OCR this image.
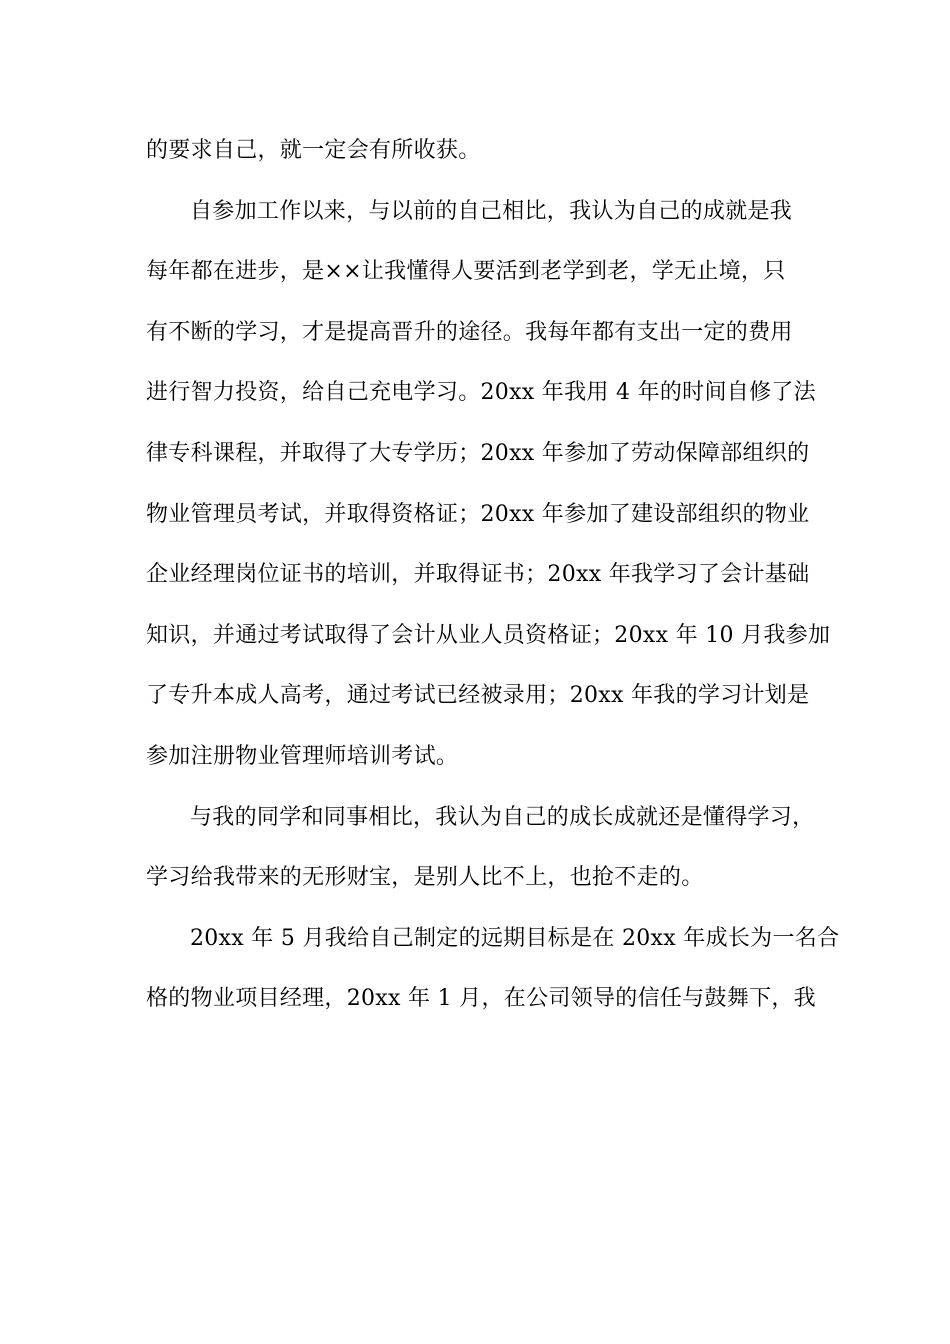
的要求自己，就一定会有所收获。
自参加工作以来，与以前的自己相比，我认为自己的成就是我
每年都在进步，是××让我懂得人要活到老学到老，学无止境，只
有不断的学习，才是提高晋升的途径。我每年都有支出一定的费用
进行智力投资，给自己充电学习。20xx 年我用 4 年的时间自修了法
律专科课程，并取得了大专学历；20xx 年参加了劳动保障部组织的
物业管理员考试，并取得资格证；20xx 年参加了建设部组织的物业
企业经理岗位证书的培训，并取得证书；20xx 年我学习了会计基础
知识，并通过考试取得了会计从业人员资格证；20xx 年 10 月我参加
了专升本成人高考，通过考试已经被录用；20xx 年我的学习计划是
参加注册物业管理师培训考试。
与我的同学和同事相比，我认为自己的成长成就还是懂得学习，
学习给我带来的无形财宝，是别人比不上，也抢不走的。
20xx 年 5 月我给自己制定的远期目标是在 20xx 年成长为一名合
格的物业项目经理，20xx 年 1 月，在公司领导的信任与鼓舞下，我
